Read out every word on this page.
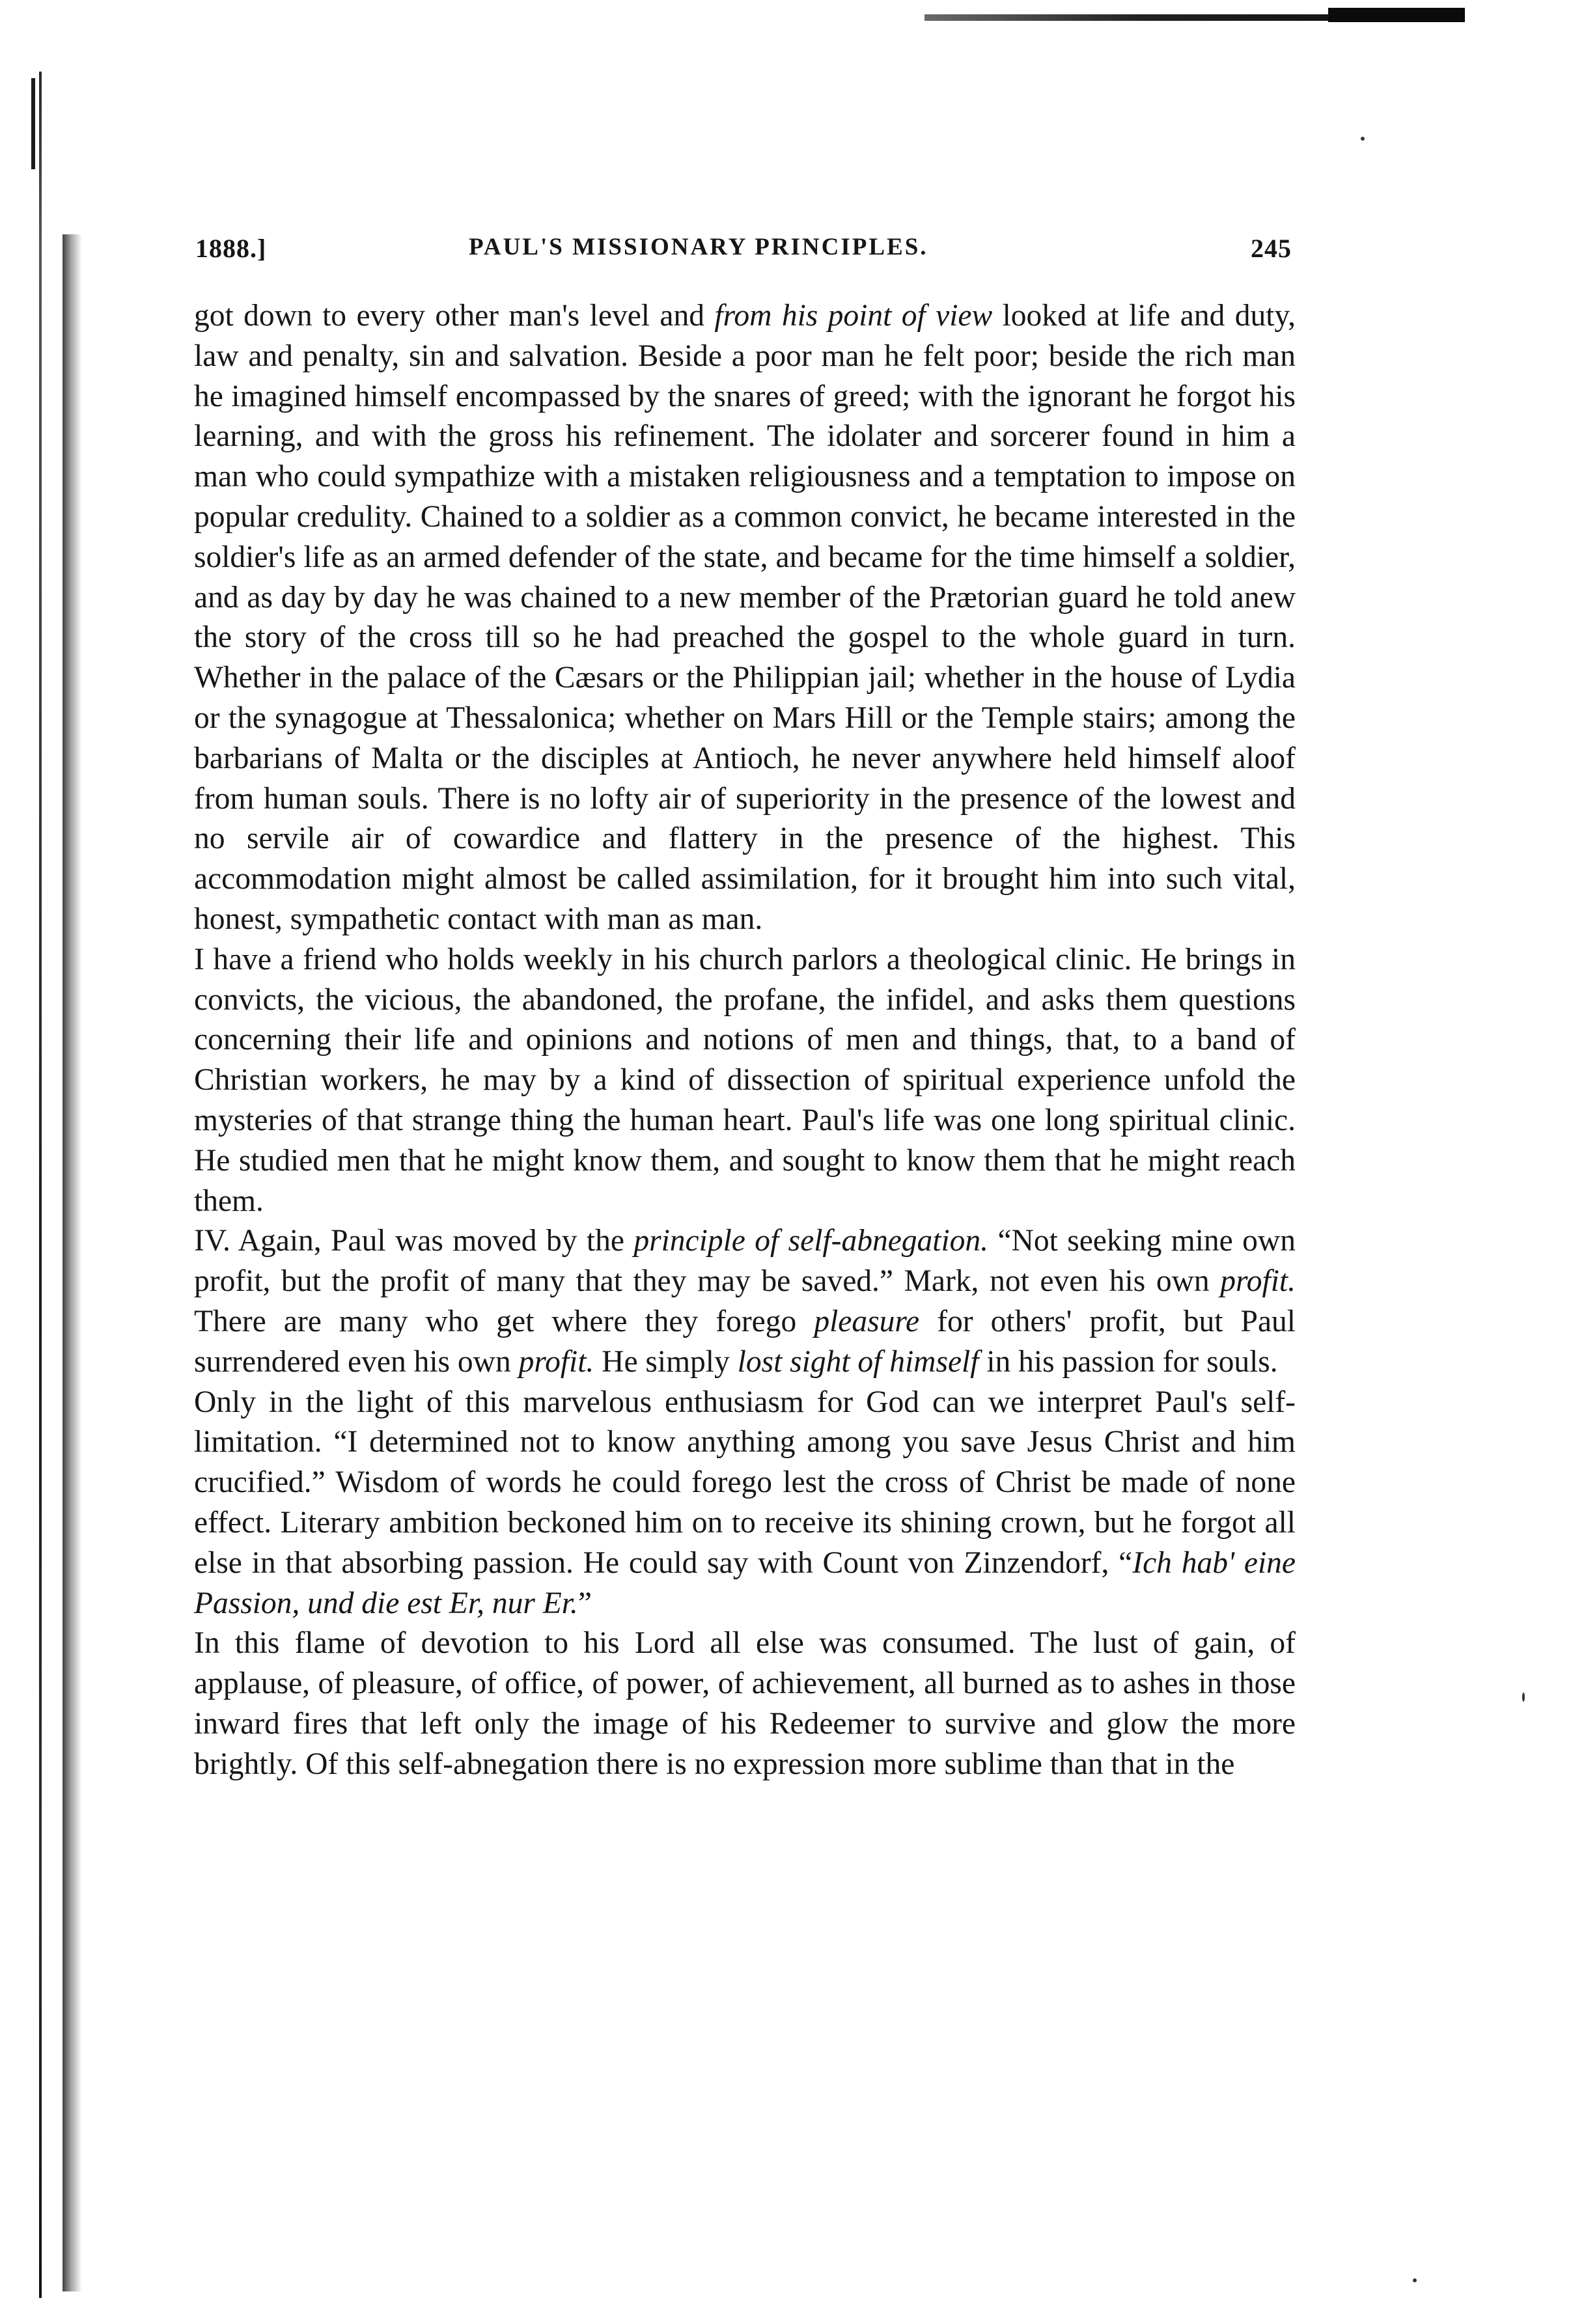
1888.]	PAUL'S MISSIONARY PRINCIPLES.	245

got down to every other man's level and from his point of view looked at life and duty, law and penalty, sin and salvation. Beside a poor man he felt poor; beside the rich man he imagined himself encompassed by the snares of greed; with the ignorant he forgot his learning, and with the gross his refinement. The idolater and sorcerer found in him a man who could sympathize with a mistaken religiousness and a temptation to impose on popular credulity. Chained to a soldier as a common convict, he became interested in the soldier's life as an armed defender of the state, and became for the time himself a soldier, and as day by day he was chained to a new member of the Prætorian guard he told anew the story of the cross till so he had preached the gospel to the whole guard in turn. Whether in the palace of the Cæsars or the Philippian jail; whether in the house of Lydia or the synagogue at Thessalonica; whether on Mars Hill or the Temple stairs; among the barbarians of Malta or the disciples at Antioch, he never anywhere held himself aloof from human souls. There is no lofty air of superiority in the presence of the lowest and no servile air of cowardice and flattery in the presence of the highest. This accommodation might almost be called assimilation, for it brought him into such vital, honest, sympathetic contact with man as man.

I have a friend who holds weekly in his church parlors a theological clinic. He brings in convicts, the vicious, the abandoned, the profane, the infidel, and asks them questions concerning their life and opinions and notions of men and things, that, to a band of Christian workers, he may by a kind of dissection of spiritual experience unfold the mysteries of that strange thing the human heart. Paul's life was one long spiritual clinic. He studied men that he might know them, and sought to know them that he might reach them.

IV. Again, Paul was moved by the principle of self-abnegation. “Not seeking mine own profit, but the profit of many that they may be saved.” Mark, not even his own profit. There are many who get where they forego pleasure for others' profit, but Paul surrendered even his own profit. He simply lost sight of himself in his passion for souls.

Only in the light of this marvelous enthusiasm for God can we interpret Paul's self-limitation. “I determined not to know anything among you save Jesus Christ and him crucified.” Wisdom of words he could forego lest the cross of Christ be made of none effect. Literary ambition beckoned him on to receive its shining crown, but he forgot all else in that absorbing passion. He could say with Count von Zinzendorf, “Ich hab' eine Passion, und die est Er, nur Er.”

In this flame of devotion to his Lord all else was consumed. The lust of gain, of applause, of pleasure, of office, of power, of achievement, all burned as to ashes in those inward fires that left only the image of his Redeemer to survive and glow the more brightly. Of this self-abnegation there is no expression more sublime than that in the
